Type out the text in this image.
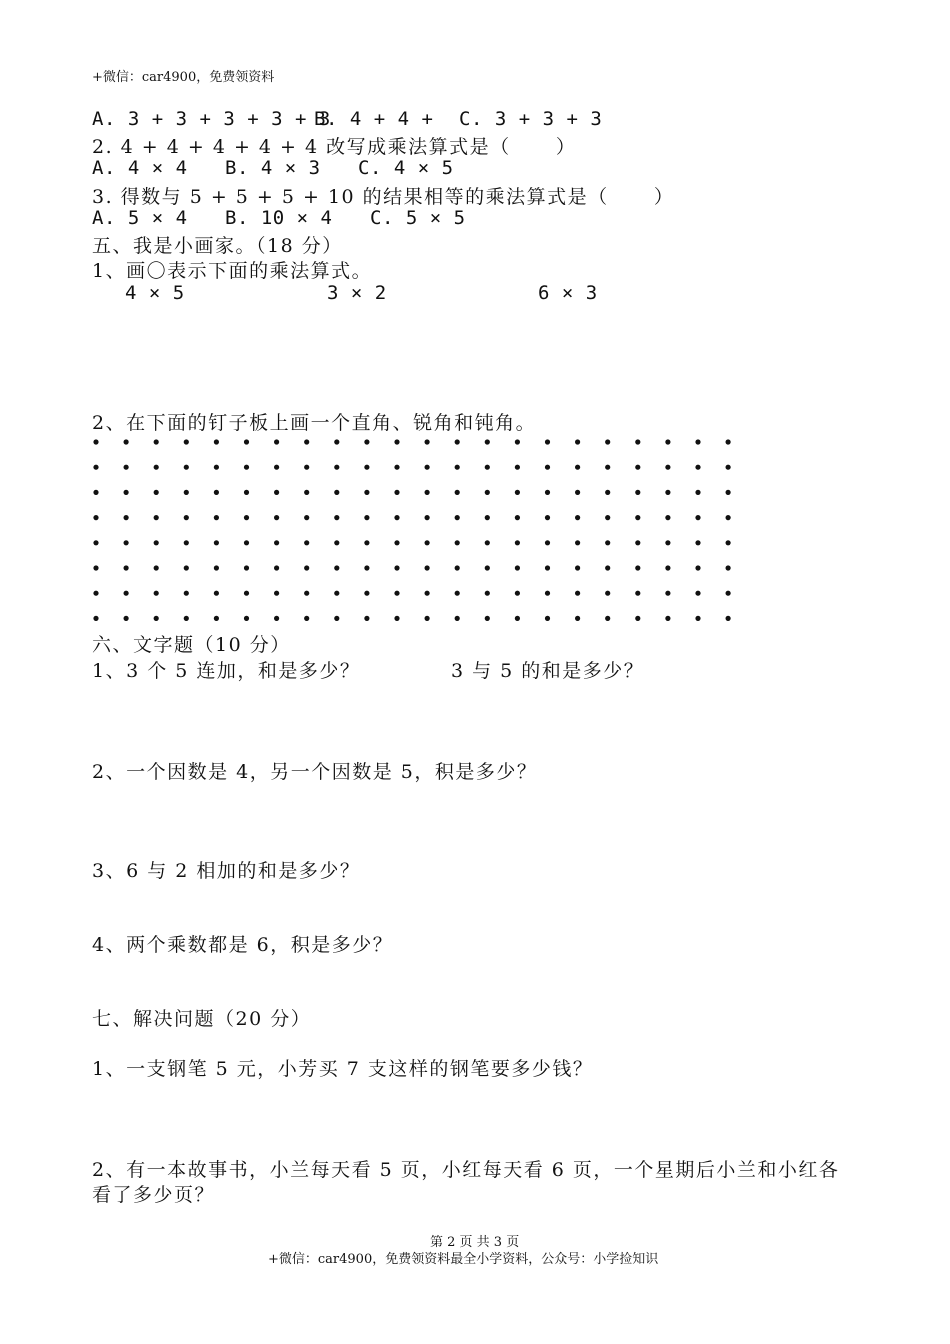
+微信：car4900，免费领资料
A. 3 + 3 + 3 + 3 + 3
B. 4 + 4 + C. 3 + 3 + 3
2. 4 + 4 + 4 + 4 + 4 改写成乘法算式是（      ）
A. 4 × 4 B. 4 × 3 C. 4 × 5
3. 得数与 5 + 5 + 5 + 10 的结果相等的乘法算式是（      ）
A. 5 × 4 B. 10 × 4 C. 5 × 5
五、我是小画家。（18 分）
1、画〇表示下面的乘法算式。
4 × 5	3 × 2	6 × 3
2、在下面的钉子板上画一个直角、锐角和钝角。
六、文字题（10 分）
1、3 个 5 连加，和是多少？	3 与 5 的和是多少？
2、一个因数是 4，另一个因数是 5，积是多少？
3、6 与 2 相加的和是多少？
4、两个乘数都是 6，积是多少？
七、解决问题（20 分）
1、一支钢笔 5 元，小芳买 7 支这样的钢笔要多少钱？
2、有一本故事书，小兰每天看 5 页，小红每天看 6 页，一个星期后小兰和小红各
看了多少页？
第 2 页 共 3 页
+微信：car4900，免费领资料最全小学资料，公众号：小学捡知识
